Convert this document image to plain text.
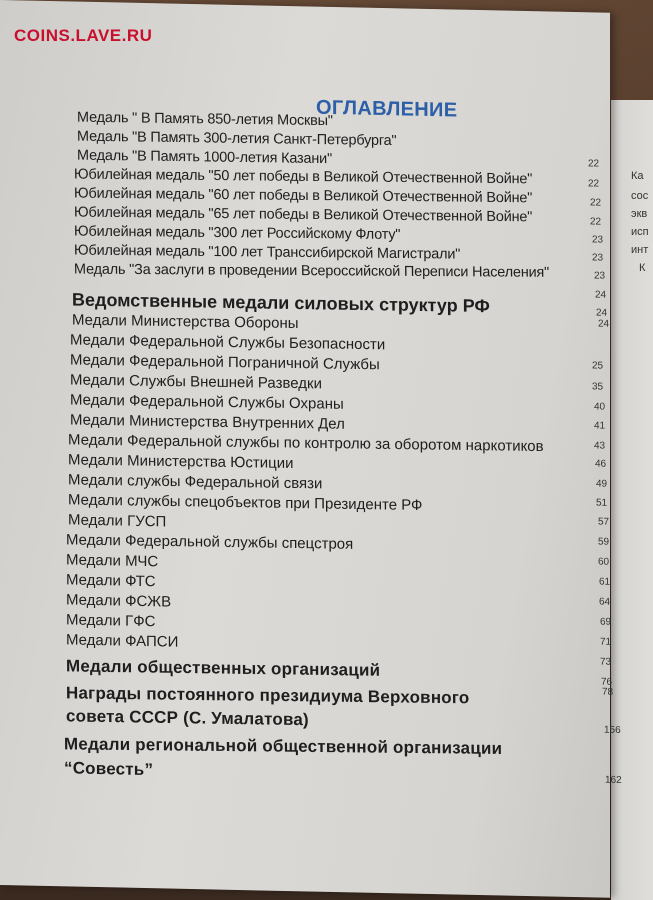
Ка
сос
экв
исп
инт
К
ОГЛАВЛЕНИЕ
Медаль " В Память 850-летия Москвы"
Медаль "В Память 300-летия Санкт-Петербурга"
22
Медаль "В Память 1000-летия Казани"
22
Юбилейная медаль "50 лет победы в Великой Отечественной Войне"
22
Юбилейная медаль "60 лет победы в Великой Отечественной Войне"
22
Юбилейная медаль "65 лет победы в Великой Отечественной Войне"
23
Юбилейная медаль "300 лет Российскому Флоту"
23
Юбилейная медаль "100 лет Транссибирской Магистрали"
23
Медаль "За заслуги в проведении Всероссийской Переписи Населения"
24
24
Ведомственные медали силовых структур РФ
24
Медали Министерства Обороны
Медали Федеральной Службы Безопасности
25
Медали Федеральной Пограничной Службы
35
Медали Службы Внешней Разведки
40
Медали Федеральной Службы Охраны
41
Медали Министерства Внутренних Дел
43
Медали Федеральной службы по контролю за оборотом наркотиков
46
Медали Министерства Юстиции
49
Медали службы Федеральной связи
51
Медали службы спецобъектов при Президенте РФ
57
Медали ГУСП
59
Медали Федеральной службы спецстроя
60
Медали МЧС
61
Медали ФТС
64
Медали ФСЖВ
69
Медали ГФС
71
Медали ФАПСИ
73
76
Медали общественных организаций
78
Награды постоянного президиума Верховного
совета СССР (С. Умалатова)
156
Медали региональной общественной организации
162
“Совесть”
COINS.LAVE.RU
